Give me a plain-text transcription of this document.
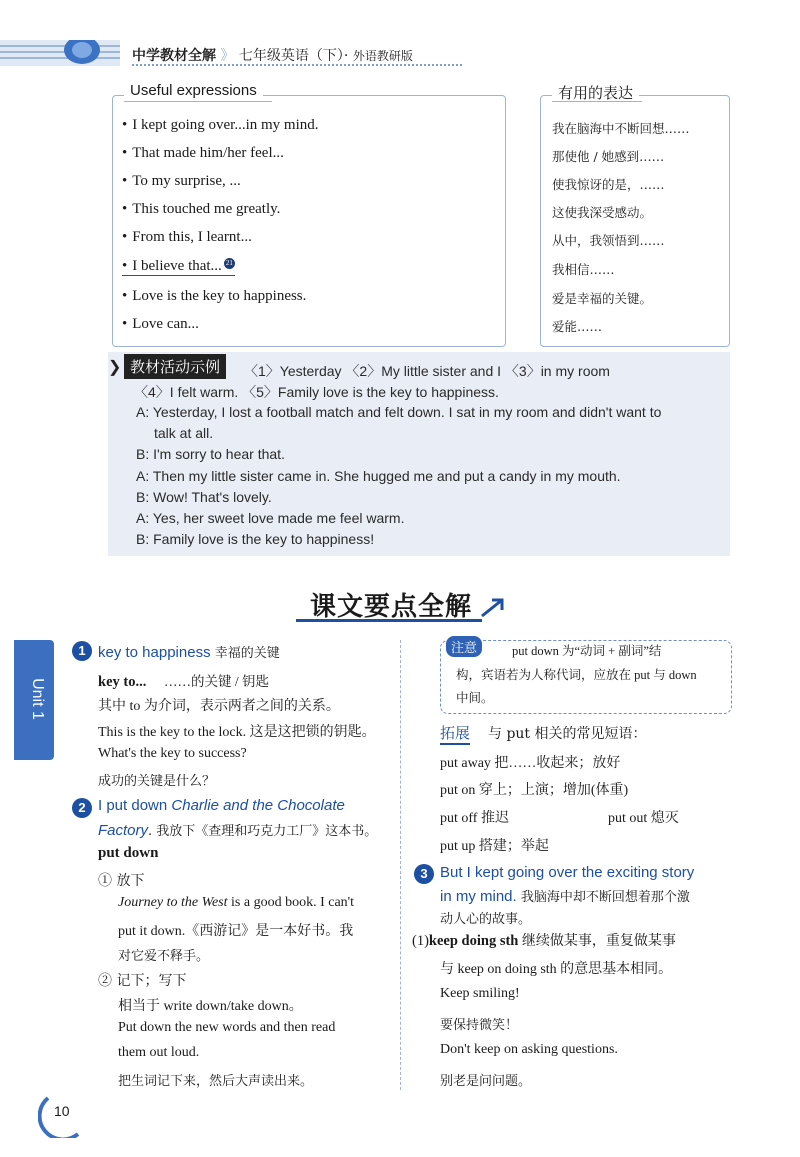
中学教材全解 》 七年级英语（下）· 外语教研版
Useful expressions
• I kept going over...in my mind.
• That made him/her feel...
• To my surprise, ...
• This touched me greatly.
• From this, I learnt...
• I believe that... 21
• Love is the key to happiness.
• Love can...
有用的表达
我在脑海中不断回想……
那使他 / 她感到……
使我惊讶的是，……
这使我深受感动。
从中，我领悟到……
我相信……
爱是幸福的关键。
爱能……
❯ 教材活动示例	〈1〉Yesterday 〈2〉My little sister and I 〈3〉in my room
〈4〉I felt warm. 〈5〉Family love is the key to happiness.
A: Yesterday, I lost a football match and felt down. I sat in my room and didn't want to
talk at all.
B: I'm sorry to hear that.
A: Then my little sister came in. She hugged me and put a candy in my mouth.
B: Wow! That's lovely.
A: Yes, her sweet love made me feel warm.
B: Family love is the key to happiness!
课文要点全解
Unit 1
1 key to happiness 幸福的关键
key to... ……的关键 / 钥匙
其中 to 为介词，表示两者之间的关系。
This is the key to the lock. 这是这把锁的钥匙。
What's the key to success?
成功的关键是什么？
2 I put down Charlie and the Chocolate
Factory. 我放下《查理和巧克力工厂》这本书。
put down
① 放下
Journey to the West is a good book. I can't
put it down.《西游记》是一本好书。我
对它爱不释手。
② 记下；写下
相当于 write down/take down。
Put down the new words and then read
them out loud.
把生词记下来，然后大声读出来。
注意	put down 为“动词 + 副词”结
构，宾语若为人称代词，应放在 put 与 down
中间。
拓展 与 put 相关的常见短语：
put away 把……收起来；放好
put on 穿上；上演；增加(体重)
put off 推迟	put out 熄灭
put up 搭建；举起
3 But I kept going over the exciting story
in my mind. 我脑海中却不断回想着那个激
动人心的故事。
(1)keep doing sth 继续做某事，重复做某事
与 keep on doing sth 的意思基本相同。
Keep smiling!
要保持微笑！
Don't keep on asking questions.
别老是问问题。
10
